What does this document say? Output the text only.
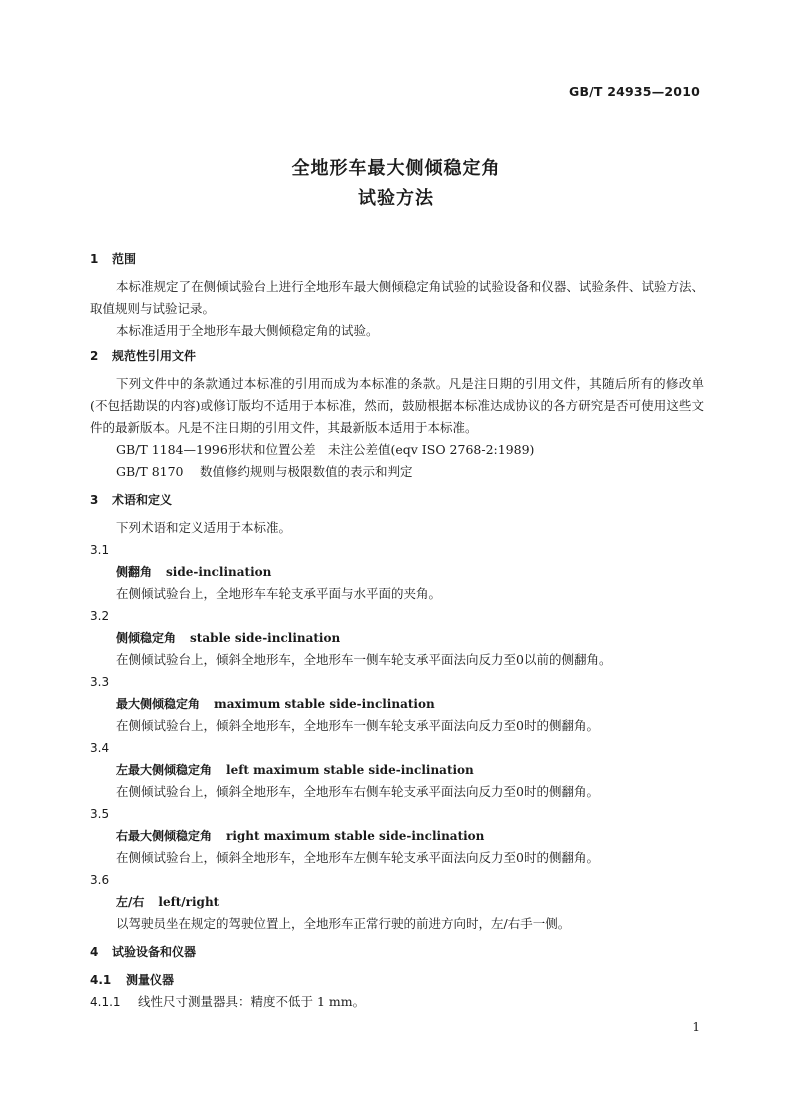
GB/T 24935—2010
全地形车最大侧倾稳定角
试验方法

1 范围

本标准规定了在侧倾试验台上进行全地形车最大侧倾稳定角试验的试验设备和仪器、试验条件、试验方法、取值规则与试验记录。

本标准适用于全地形车最大侧倾稳定角的试验。

2 规范性引用文件

下列文件中的条款通过本标准的引用而成为本标准的条款。凡是注日期的引用文件，其随后所有的修改单(不包括勘误的内容)或修订版均不适用于本标准，然而，鼓励根据本标准达成协议的各方研究是否可使用这些文件的最新版本。凡是不注日期的引用文件，其最新版本适用于本标准。

GB/T 1184—1996形状和位置公差　未注公差值(eqv ISO 2768-2:1989)

GB/T 8170 数值修约规则与极限数值的表示和判定

3 术语和定义

下列术语和定义适用于本标准。

3.1

侧翻角 side-inclination

在侧倾试验台上，全地形车车轮支承平面与水平面的夹角。

3.2

侧倾稳定角 stable side-inclination

在侧倾试验台上，倾斜全地形车，全地形车一侧车轮支承平面法向反力至0以前的侧翻角。

3.3

最大侧倾稳定角 maximum stable side-inclination

在侧倾试验台上，倾斜全地形车，全地形车一侧车轮支承平面法向反力至0时的侧翻角。

3.4

左最大侧倾稳定角 left maximum stable side-inclination

在侧倾试验台上，倾斜全地形车，全地形车右侧车轮支承平面法向反力至0时的侧翻角。

3.5

右最大侧倾稳定角 right maximum stable side-inclination

在侧倾试验台上，倾斜全地形车，全地形车左侧车轮支承平面法向反力至0时的侧翻角。

3.6

左/右 left/right

以驾驶员坐在规定的驾驶位置上，全地形车正常行驶的前进方向时，左/右手一侧。

4 试验设备和仪器

4.1 测量仪器

4.1.1 线性尺寸测量器具：精度不低于 1 mm。

1
